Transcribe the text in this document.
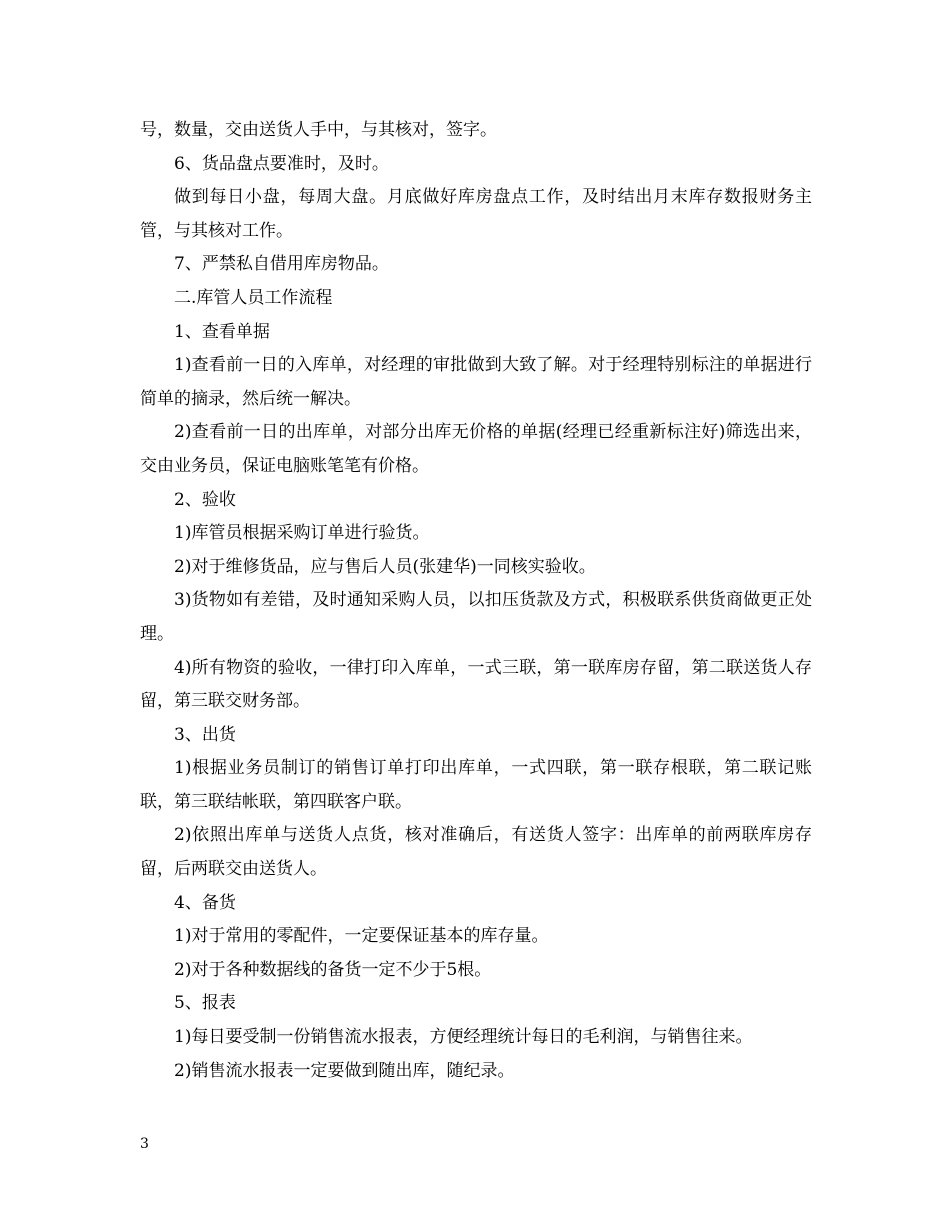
号，数量，交由送货人手中，与其核对，签字。

6、货品盘点要准时，及时。

做到每日小盘，每周大盘。月底做好库房盘点工作，及时结出月末库存数报财务主管，与其核对工作。

7、严禁私自借用库房物品。

二.库管人员工作流程

1、查看单据

1)查看前一日的入库单，对经理的审批做到大致了解。对于经理特别标注的单据进行简单的摘录，然后统一解决。

2)查看前一日的出库单，对部分出库无价格的单据(经理已经重新标注好)筛选出来，交由业务员，保证电脑账笔笔有价格。

2、验收

1)库管员根据采购订单进行验货。

2)对于维修货品，应与售后人员(张建华)一同核实验收。

3)货物如有差错，及时通知采购人员，以扣压货款及方式，积极联系供货商做更正处理。

4)所有物资的验收，一律打印入库单，一式三联，第一联库房存留，第二联送货人存留，第三联交财务部。

3、出货

1)根据业务员制订的销售订单打印出库单，一式四联，第一联存根联，第二联记账联，第三联结帐联，第四联客户联。

2)依照出库单与送货人点货，核对准确后，有送货人签字：出库单的前两联库房存留，后两联交由送货人。

4、备货

1)对于常用的零配件，一定要保证基本的库存量。

2)对于各种数据线的备货一定不少于5根。

5、报表

1)每日要受制一份销售流水报表，方便经理统计每日的毛利润，与销售往来。

2)销售流水报表一定要做到随出库，随纪录。

3
